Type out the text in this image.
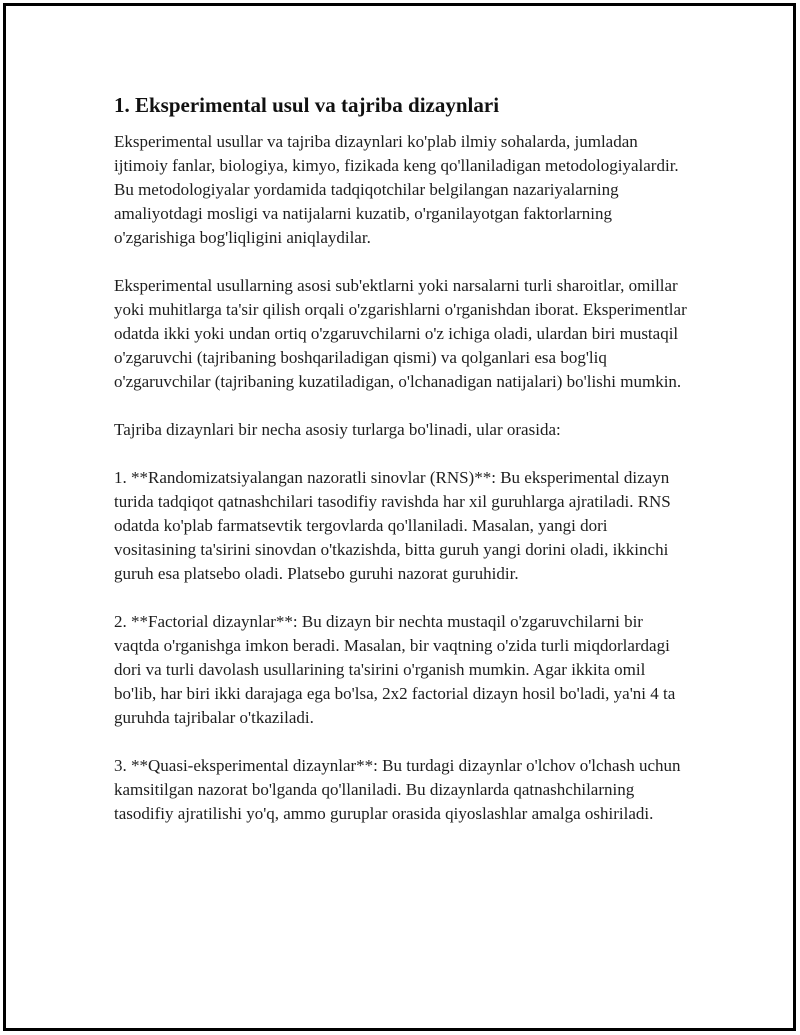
1. Eksperimental usul va tajriba dizaynlari

Eksperimental usullar va tajriba dizaynlari ko'plab ilmiy sohalarda, jumladan ijtimoiy fanlar, biologiya, kimyo, fizikada keng qo'llaniladigan metodologiyalardir. Bu metodologiyalar yordamida tadqiqotchilar belgilangan nazariyalarning amaliyotdagi mosligi va natijalarni kuzatib, o'rganilayotgan faktorlarning o'zgarishiga bog'liqligini aniqlaydilar.

Eksperimental usullarning asosi sub'ektlarni yoki narsalarni turli sharoitlar, omillar yoki muhitlarga ta'sir qilish orqali o'zgarishlarni o'rganishdan iborat. Eksperimentlar odatda ikki yoki undan ortiq o'zgaruvchilarni o'z ichiga oladi, ulardan biri mustaqil o'zgaruvchi (tajribaning boshqariladigan qismi) va qolganlari esa bog'liq o'zgaruvchilar (tajribaning kuzatiladigan, o'lchanadigan natijalari) bo'lishi mumkin.

Tajriba dizaynlari bir necha asosiy turlarga bo'linadi, ular orasida:

1. **Randomizatsiyalangan nazoratli sinovlar (RNS)**: Bu eksperimental dizayn turida tadqiqot qatnashchilari tasodifiy ravishda har xil guruhlarga ajratiladi. RNS odatda ko'plab farmatsevtik tergovlarda qo'llaniladi. Masalan, yangi dori vositasining ta'sirini sinovdan o'tkazishda, bitta guruh yangi dorini oladi, ikkinchi guruh esa platsebo oladi. Platsebo guruhi nazorat guruhidir.

2. **Factorial dizaynlar**: Bu dizayn bir nechta mustaqil o'zgaruvchilarni bir vaqtda o'rganishga imkon beradi. Masalan, bir vaqtning o'zida turli miqdorlardagi dori va turli davolash usullarining ta'sirini o'rganish mumkin. Agar ikkita omil bo'lib, har biri ikki darajaga ega bo'lsa, 2x2 factorial dizayn hosil bo'ladi, ya'ni 4 ta guruhda tajribalar o'tkaziladi.

3. **Quasi-eksperimental dizaynlar**: Bu turdagi dizaynlar o'lchov o'lchash uchun kamsitilgan nazorat bo'lganda qo'llaniladi. Bu dizaynlarda qatnashchilarning tasodifiy ajratilishi yo'q, ammo guruplar orasida qiyoslashlar amalga oshiriladi.
